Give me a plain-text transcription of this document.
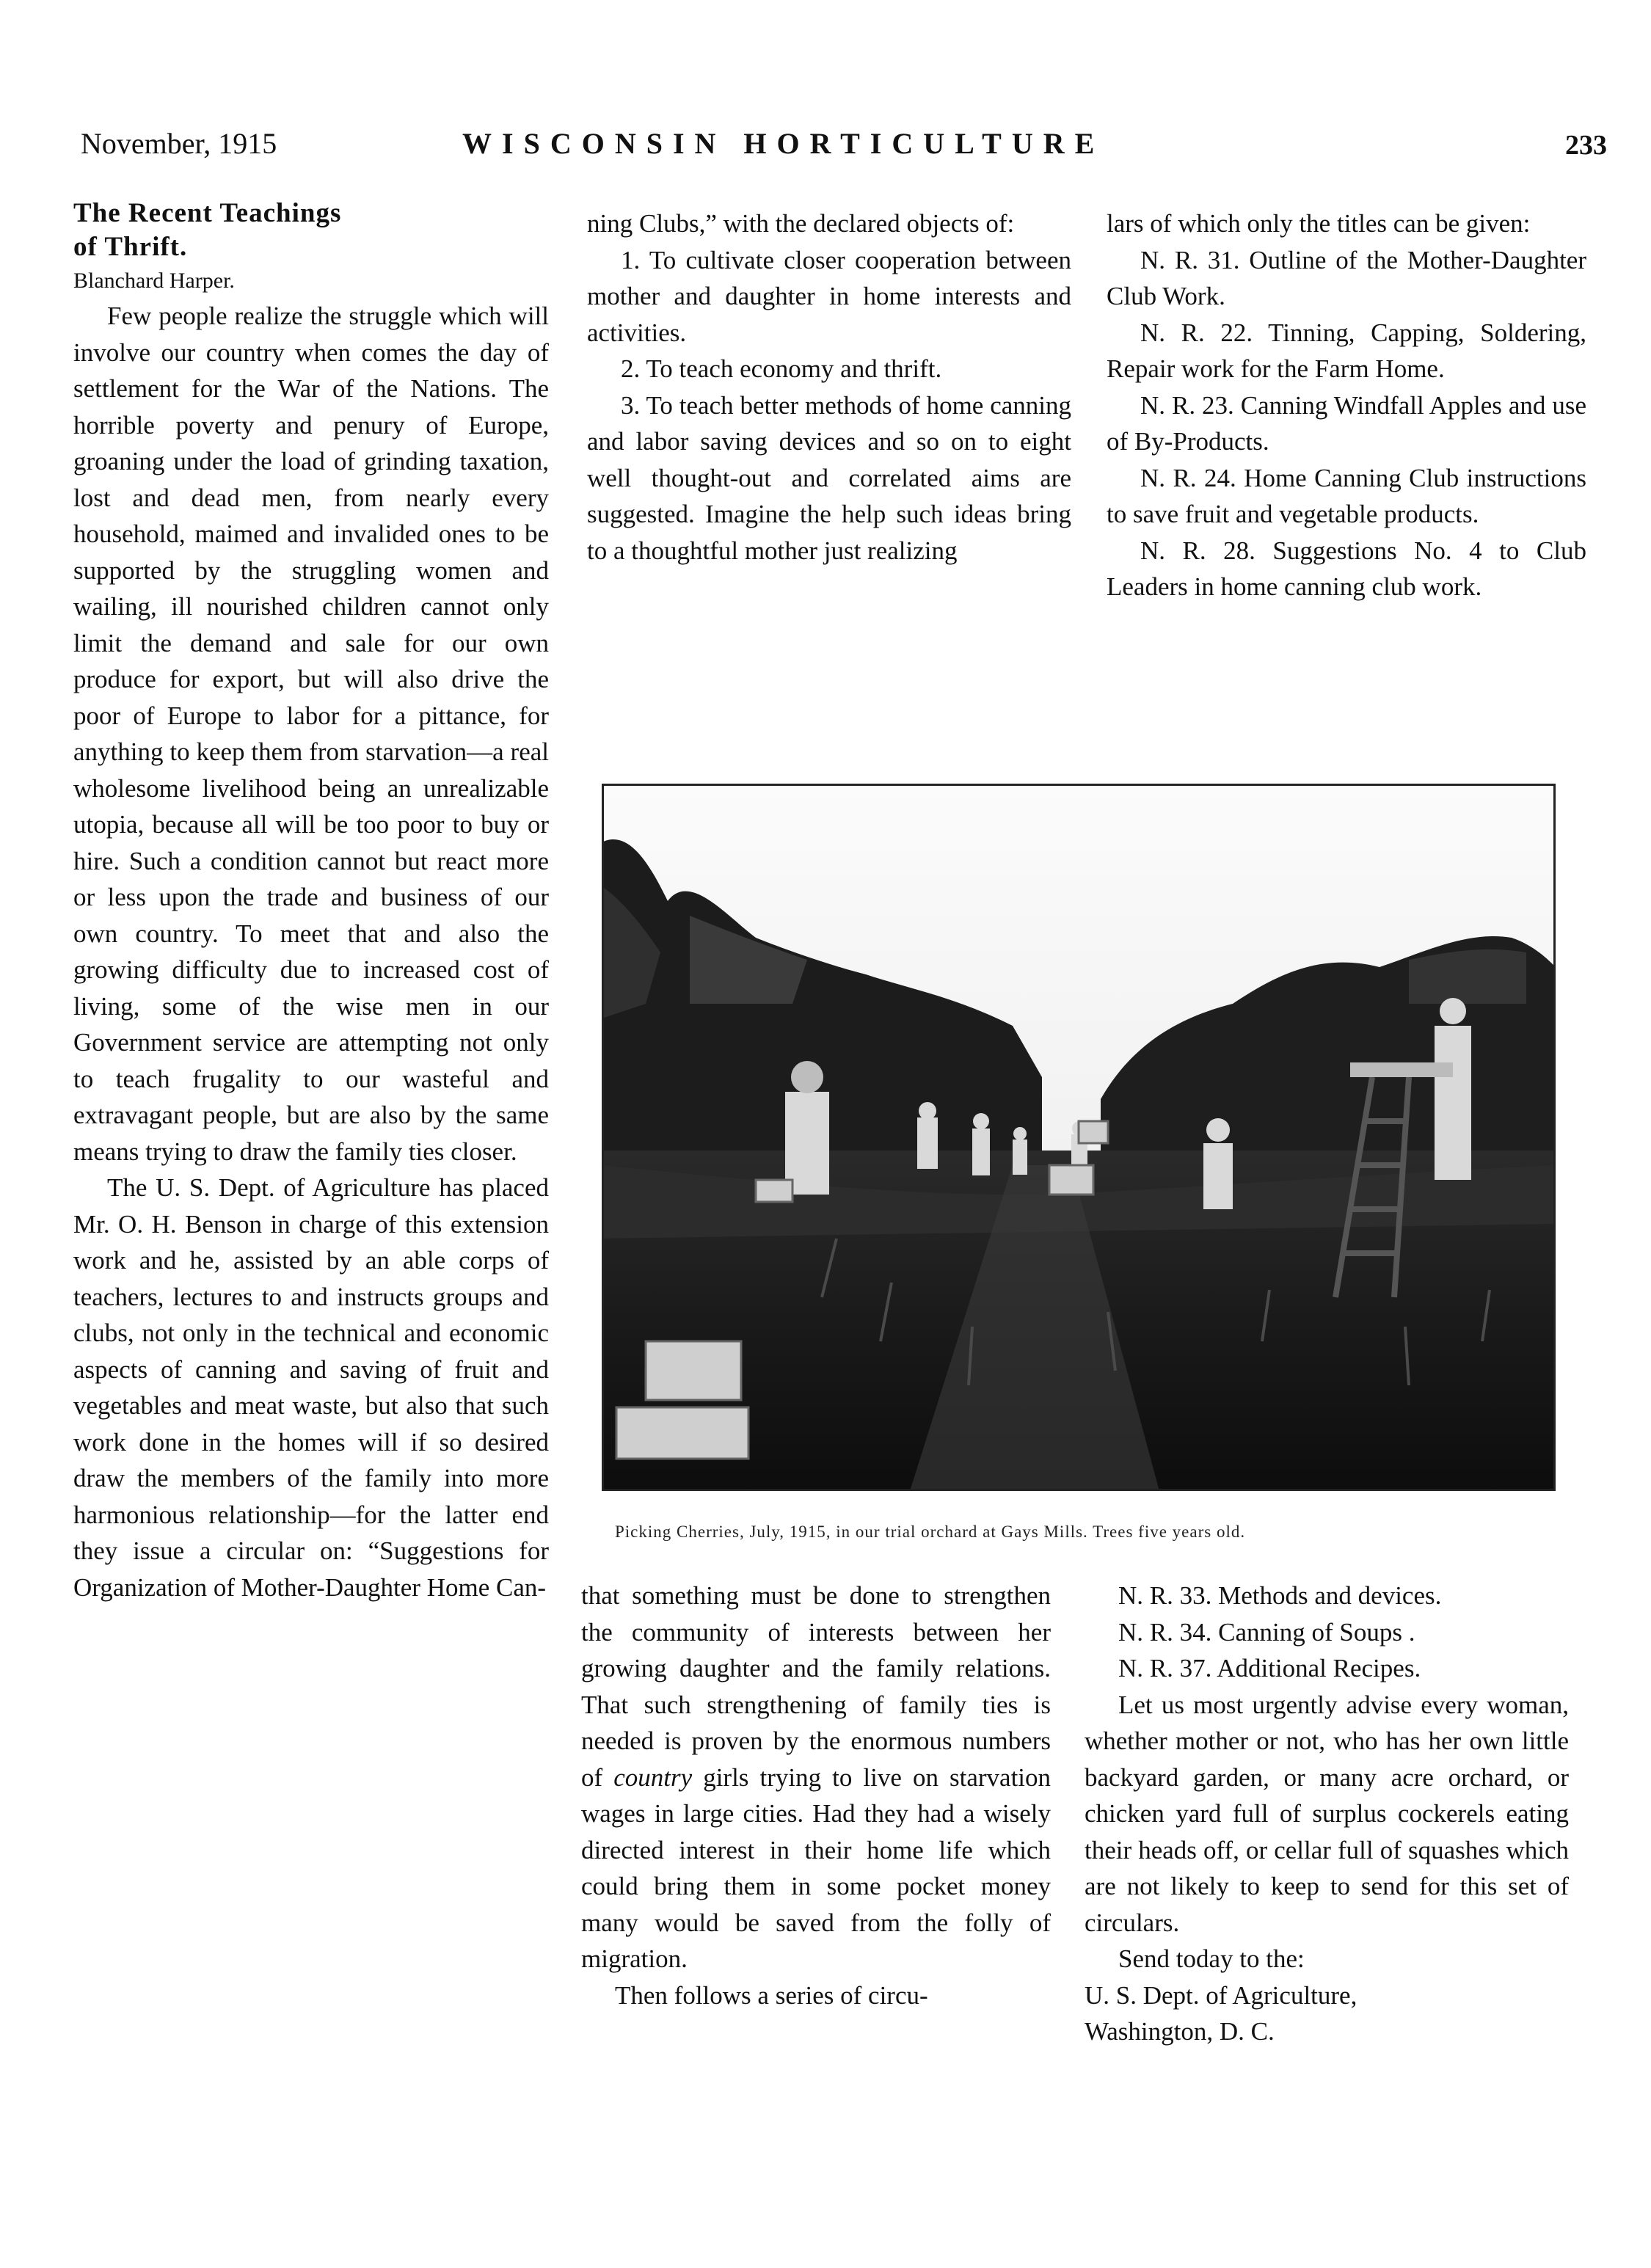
November, 1915	WISCONSIN HORTICULTURE	233

The Recent Teachings

of Thrift.

Blanchard Harper.

Few people realize the struggle which will involve our country when comes the day of settlement for the War of the Nations. The horrible poverty and penury of Europe, groaning under the load of grinding taxation, lost and dead men, from nearly every household, maimed and invalided ones to be supported by the struggling women and wailing, ill nourished children cannot only limit the demand and sale for our own produce for export, but will also drive the poor of Europe to labor for a pittance, for anything to keep them from starvation—a real wholesome livelihood being an unrealizable utopia, because all will be too poor to buy or hire. Such a condition cannot but react more or less upon the trade and business of our own country. To meet that and also the growing difficulty due to increased cost of living, some of the wise men in our Government service are attempting not only to teach frugality to our wasteful and extravagant people, but are also by the same means trying to draw the family ties closer.

The U. S. Dept. of Agriculture has placed Mr. O. H. Benson in charge of this extension work and he, assisted by an able corps of teachers, lectures to and instructs groups and clubs, not only in the technical and economic aspects of canning and saving of fruit and vegetables and meat waste, but also that such work done in the homes will if so desired draw the members of the family into more harmonious relationship—for the latter end they issue a circular on: “Suggestions for Organization of Mother-Daughter Home Can-

ning Clubs,” with the declared objects of:

1. To cultivate closer cooperation between mother and daughter in home interests and activities.

2. To teach economy and thrift.

3. To teach better methods of home canning and labor saving devices and so on to eight well thought-out and correlated aims are suggested. Imagine the help such ideas bring to a thoughtful mother just realizing

lars of which only the titles can be given:

N. R. 31. Outline of the Mother-Daughter Club Work.

N. R. 22. Tinning, Capping, Soldering, Repair work for the Farm Home.

N. R. 23. Canning Windfall Apples and use of By-Products.

N. R. 24. Home Canning Club instructions to save fruit and vegetable products.

N. R. 28. Suggestions No. 4 to Club Leaders in home canning club work.

Picking Cherries, July, 1915, in our trial orchard at Gays Mills. Trees five years old.

that something must be done to strengthen the community of interests between her growing daughter and the family relations. That such strengthening of family ties is needed is proven by the enormous numbers of country girls trying to live on starvation wages in large cities. Had they had a wisely directed interest in their home life which could bring them in some pocket money many would be saved from the folly of migration.

Then follows a series of circu-

N. R. 33. Methods and devices.

N. R. 34. Canning of Soups .

N. R. 37. Additional Recipes.

Let us most urgently advise every woman, whether mother or not, who has her own little backyard garden, or many acre orchard, or chicken yard full of surplus cockerels eating their heads off, or cellar full of squashes which are not likely to keep to send for this set of circulars.

Send today to the:

U. S. Dept. of Agriculture,

Washington, D. C.
